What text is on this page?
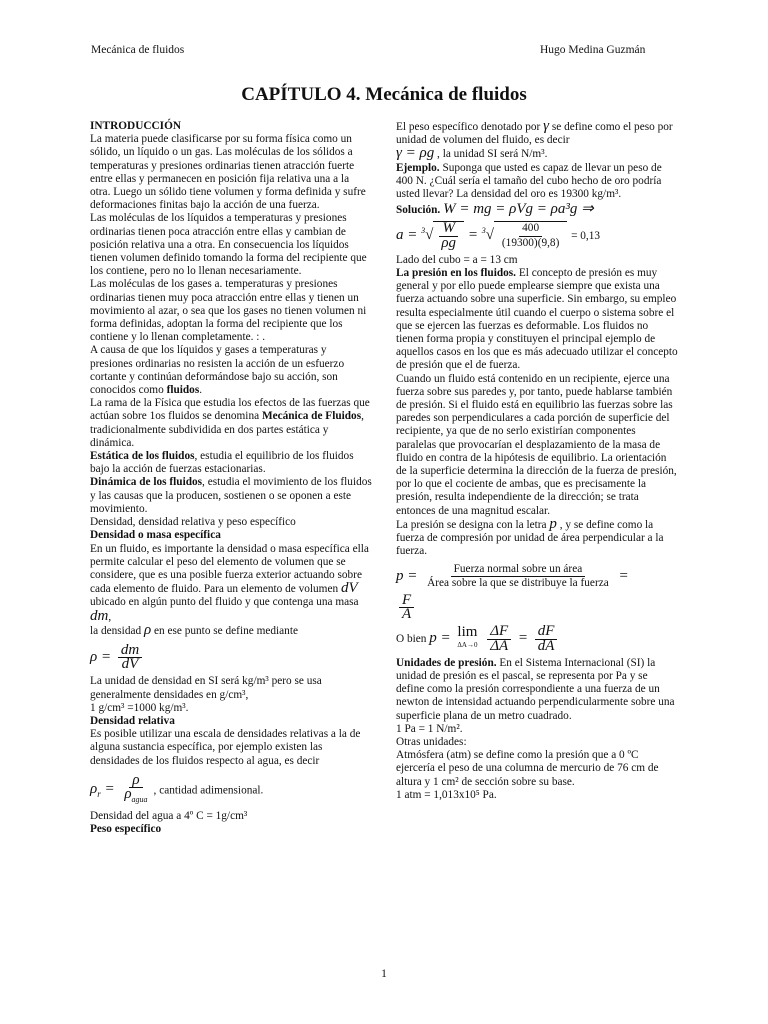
Mecánica de fluidos	Hugo Medina Guzmán
CAPÍTULO 4. Mecánica de fluidos

INTRODUCCIÓN

La materia puede clasificarse por su forma física como un sólido, un líquido o un gas. Las moléculas de los sólidos a temperaturas y presiones ordinarias tienen atracción fuerte entre ellas y permanecen en posición fija relativa una a la otra. Luego un sólido tiene volumen y forma definida y sufre deformaciones finitas bajo la acción de una fuerza.

Las moléculas de los líquidos a temperaturas y presiones ordinarias tienen poca atracción entre ellas y cambian de posición relativa una a otra. En consecuencia los líquidos tienen volumen definido tomando la forma del recipiente que los contiene, pero no lo llenan necesariamente.

Las moléculas de los gases a. temperaturas y presiones ordinarias tienen muy poca atracción entre ellas y tienen un movimiento al azar, o sea que los gases no tienen volumen ni forma definidas, adoptan la forma del recipiente que los contiene y lo llenan completamente. : .

A causa de que los líquidos y gases a temperaturas y presiones ordinarias no resisten la acción de un esfuerzo cortante y continúan deformándose bajo su acción, son conocidos como fluidos.

La rama de la Física que estudia los efectos de las fuerzas que actúan sobre 1os fluidos se denomina Mecánica de Fluidos, tradicionalmente subdividida en dos partes estática y dinámica.

Estática de los fluidos, estudia el equilibrio de los fluidos bajo la acción de fuerzas estacionarias.

Dinámica de los fluidos, estudia el movimiento de los fluidos y las causas que la producen, sostienen o se oponen a este movimiento.

Densidad, densidad relativa y peso específico

Densidad o masa específica

En un fluido, es importante la densidad o masa específica ella permite calcular el peso del elemento de volumen que se considere, que es una posible fuerza exterior actuando sobre cada elemento de fluido. Para un elemento de volumen dV ubicado en algún punto del fluido y que contenga una masa dm,
la densidad ρ en ese punto se define mediante

$\rho = \frac{dm}{dV}$

La unidad de densidad en SI será kg/m³ pero se usa generalmente densidades en g/cm³,

1 g/cm³ =1000 kg/m³.

Densidad relativa

Es posible utilizar una escala de densidades relativas a la de alguna sustancia específica, por ejemplo existen las densidades de los fluidos respecto al agua, es decir

$\rho_r = \frac{\rho}{\rho_{agua}}$ , cantidad adimensional.

Densidad del agua a 4º C = 1g/cm³

Peso específico

El peso específico denotado por γ se define como el peso por unidad de volumen del fluido, es decir
γ = ρg , la unidad SI será N/m³.

Ejemplo. Suponga que usted es capaz de llevar un peso de 400 N. ¿Cuál sería el tamaño del cubo hecho de oro podría usted llevar? La densidad del oro es 19300 kg/m³.

Solución. W = mg = ρVg = ρa³g ⇒

$a = ^3√ \frac{W}{\rho g} = ^3√ \frac{400}{(19300)(9,8)} = 0,13$

Lado del cubo = a = 13 cm

La presión en los fluidos. El concepto de presión es muy general y por ello puede emplearse siempre que exista una fuerza actuando sobre una superficie. Sin embargo, su empleo resulta especialmente útil cuando el cuerpo o sistema sobre el que se ejercen las fuerzas es deformable. Los fluidos no tienen forma propia y constituyen el principal ejemplo de aquellos casos en los que es más adecuado utilizar el concepto de presión que el de fuerza.

Cuando un fluido está contenido en un recipiente, ejerce una fuerza sobre sus paredes y, por tanto, puede hablarse también de presión. Si el fluido está en equilibrio las fuerzas sobre las paredes son perpendiculares a cada porción de superficie del recipiente, ya que de no serlo existirían componentes paralelas que provocarían el desplazamiento de la masa de fluido en contra de la hipótesis de equilibrio. La orientación de la superficie determina la dirección de la fuerza de presión, por lo que el cociente de ambas, que es precisamente la presión, resulta independiente de la dirección; se trata entonces de una magnitud escalar.

La presión se designa con la letra p , y se define como la fuerza de compresión por unidad de área perpendicular a la fuerza.

$p = \frac{\text{Fuerza normal sobre un área}}{\text{Área sobre la que se distribuye la fuerza}}$ =

$\frac{F}{A}$

O bien p = lim
ΔA→0
$\frac{\Delta F}{\Delta A} = \frac{dF}{dA}$

Unidades de presión. En el Sistema Internacional (SI) la unidad de presión es el pascal, se representa por Pa y se define como la presión correspondiente a una fuerza de un newton de intensidad actuando perpendicularmente sobre una superficie plana de un metro cuadrado.

1 Pa = 1 N/m².

Otras unidades:

Atmósfera (atm) se define como la presión que a 0 ºC ejercería el peso de una columna de mercurio de 76 cm de altura y 1 cm² de sección sobre su base.

1 atm = 1,013x10⁵ Pa.

1
